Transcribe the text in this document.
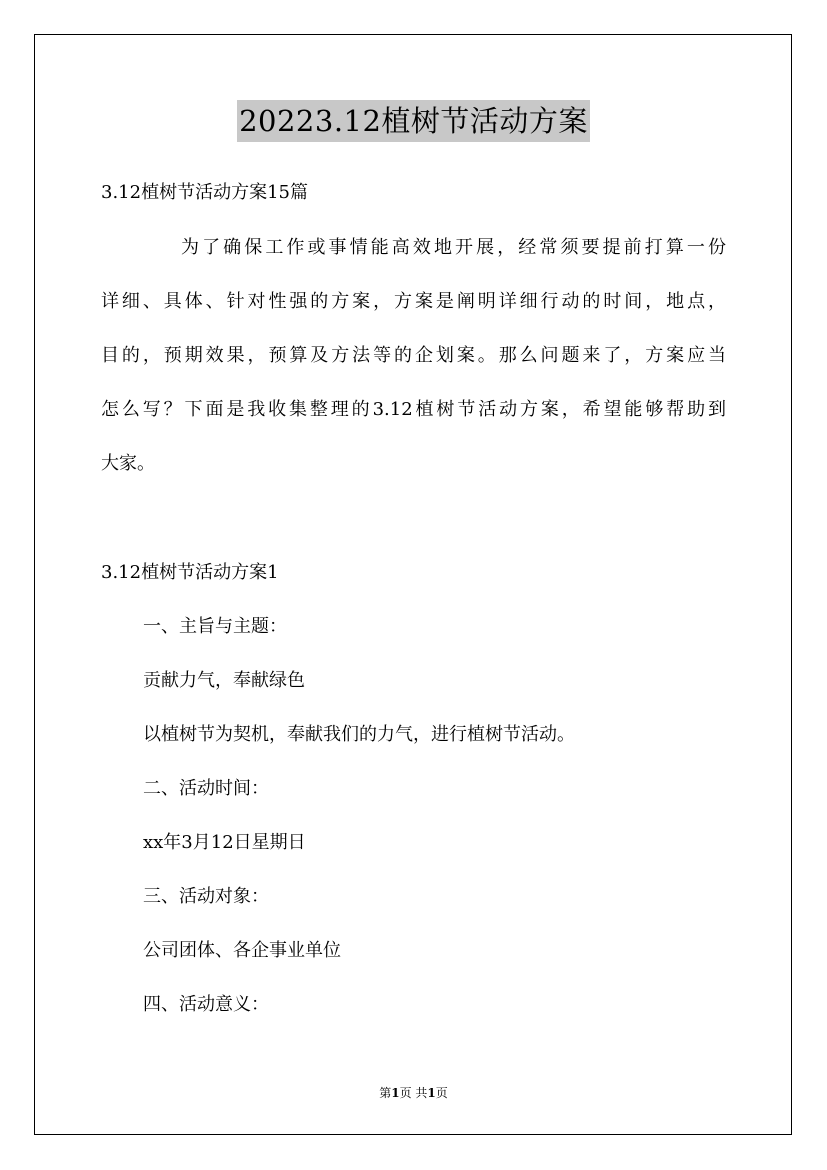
20223.12植树节活动方案
3.12植树节活动方案15篇
为了确保工作或事情能高效地开展，经常须要提前打算一份
详细、具体、针对性强的方案，方案是阐明详细行动的时间，地点，
目的，预期效果，预算及方法等的企划案。那么问题来了，方案应当
怎么写？下面是我收集整理的3.12植树节活动方案，希望能够帮助到
大家。
3.12植树节活动方案1
一、主旨与主题：
贡献力气，奉献绿色
以植树节为契机，奉献我们的力气，进行植树节活动。
二、活动时间：
xx年3月12日星期日
三、活动对象：
公司团体、各企事业单位
四、活动意义：
第1页 共1页
